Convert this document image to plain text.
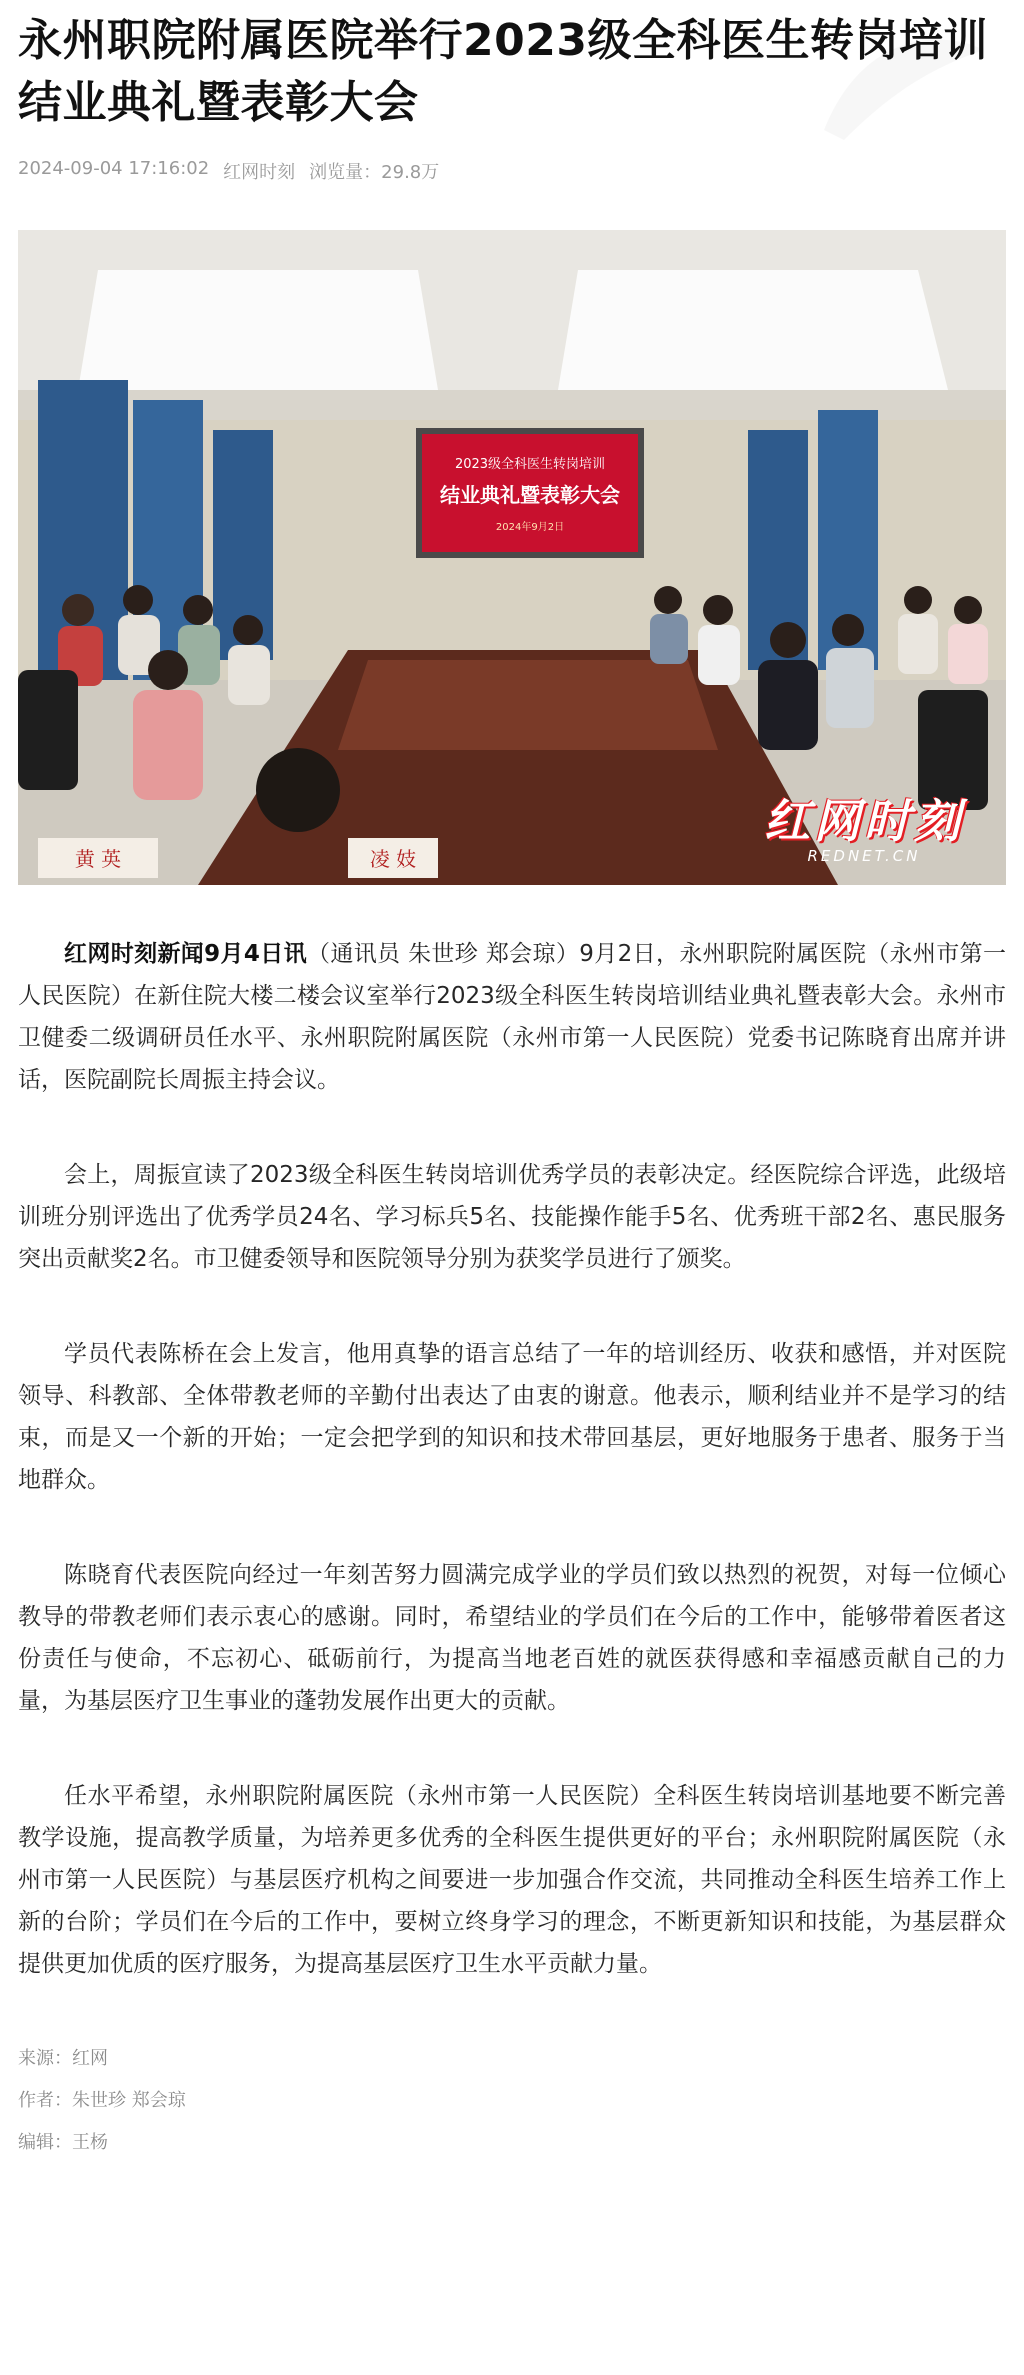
永州职院附属医院举行2023级全科医生转岗培训结业典礼暨表彰大会
2024-09-04 17:16:02 红网时刻 浏览量：29.8万
2023级全科医生转岗培训
结业典礼暨表彰大会
2024年9月2日
黄 英	凌 妓
红网时刻
REDNET.CN

红网时刻新闻9月4日讯（通讯员 朱世珍 郑会琼）9月2日，永州职院附属医院（永州市第一人民医院）在新住院大楼二楼会议室举行2023级全科医生转岗培训结业典礼暨表彰大会。永州市卫健委二级调研员任水平、永州职院附属医院（永州市第一人民医院）党委书记陈晓育出席并讲话，医院副院长周振主持会议。

会上，周振宣读了2023级全科医生转岗培训优秀学员的表彰决定。经医院综合评选，此级培训班分别评选出了优秀学员24名、学习标兵5名、技能操作能手5名、优秀班干部2名、惠民服务突出贡献奖2名。市卫健委领导和医院领导分别为获奖学员进行了颁奖。

学员代表陈桥在会上发言，他用真挚的语言总结了一年的培训经历、收获和感悟，并对医院领导、科教部、全体带教老师的辛勤付出表达了由衷的谢意。他表示，顺利结业并不是学习的结束，而是又一个新的开始；一定会把学到的知识和技术带回基层，更好地服务于患者、服务于当地群众。

陈晓育代表医院向经过一年刻苦努力圆满完成学业的学员们致以热烈的祝贺，对每一位倾心教导的带教老师们表示衷心的感谢。同时，希望结业的学员们在今后的工作中，能够带着医者这份责任与使命，不忘初心、砥砺前行，为提高当地老百姓的就医获得感和幸福感贡献自己的力量，为基层医疗卫生事业的蓬勃发展作出更大的贡献。

任水平希望，永州职院附属医院（永州市第一人民医院）全科医生转岗培训基地要不断完善教学设施，提高教学质量，为培养更多优秀的全科医生提供更好的平台；永州职院附属医院（永州市第一人民医院）与基层医疗机构之间要进一步加强合作交流，共同推动全科医生培养工作上新的台阶；学员们在今后的工作中，要树立终身学习的理念，不断更新知识和技能，为基层群众提供更加优质的医疗服务，为提高基层医疗卫生水平贡献力量。

来源：红网
作者：朱世珍 郑会琼
编辑：王杨
